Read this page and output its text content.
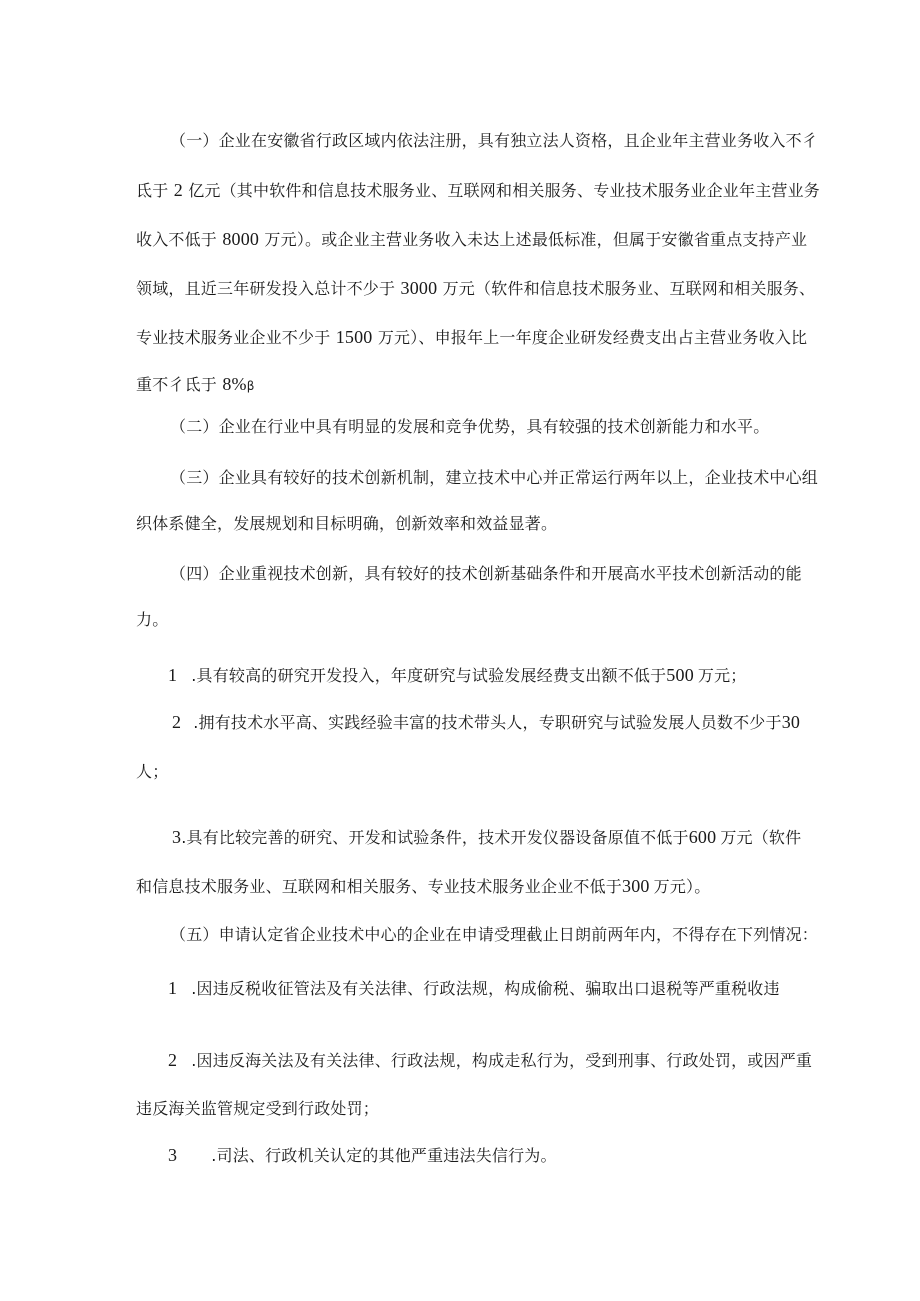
（一）企业在安徽省行政区域内依法注册，具有独立法人资格，且企业年主营业务收入不彳
氐于 2 亿元（其中软件和信息技术服务业、互联网和相关服务、专业技术服务业企业年主营业务
收入不低于 8000 万元）。或企业主营业务收入未达上述最低标准，但属于安徽省重点支持产业
领域，且近三年研发投入总计不少于 3000 万元（软件和信息技术服务业、互联网和相关服务、
专业技术服务业企业不少于 1500 万元）、申报年上一年度企业研发经费支出占主营业务收入比
重不彳氐于 8%β
（二）企业在行业中具有明显的发展和竞争优势，具有较强的技术创新能力和水平。
（三）企业具有较好的技术创新机制，建立技术中心并正常运行两年以上，企业技术中心组
织体系健全，发展规划和目标明确，创新效率和效益显著。
（四）企业重视技术创新，具有较好的技术创新基础条件和开展高水平技术创新活动的能
力。
1 .具有较高的研究开发投入，年度研究与试验发展经费支出额不低于500 万元；
2 .拥有技术水平高、实践经验丰富的技术带头人，专职研究与试验发展人员数不少于30
人；
3.具有比较完善的研究、开发和试验条件，技术开发仪器设备原值不低于600 万元（软件
和信息技术服务业、互联网和相关服务、专业技术服务业企业不低于300 万元）。
（五）申请认定省企业技术中心的企业在申请受理截止日朗前两年内，不得存在下列情况：
1 .因违反税收征管法及有关法律、行政法规，构成偷税、骗取出口退税等严重税收违
2 .因违反海关法及有关法律、行政法规，构成走私行为，受到刑事、行政处罚，或因严重
违反海关监管规定受到行政处罚；
3 .司法、行政机关认定的其他严重违法失信行为。
